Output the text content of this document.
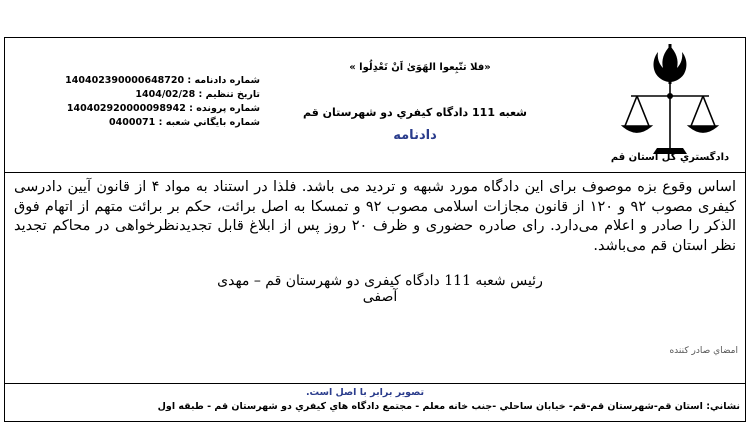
«فلا تتّبِعوا الهَوَیٰ اَنْ تَعْدِلُوا »
شعبه 111 دادگاه کیفري دو شهرستان قم
دادنامه
شماره دادنامه : 140402390000648720
تاريخ تنظيم : 1404/02/28
شماره پرونده : 140402920000098942
شماره بايگاني شعبه : 0400071
دادگستري كل استان قم
اساس وقوع بزه موصوف برای این دادگاه مورد شبهه و تردید می باشد. فلذا در استناد به مواد ۴ از قانون آیین دادرسی کیفری مصوب ۹۲ و ۱۲۰ از قانون مجازات اسلامی مصوب ۹۲ و تمسکا به اصل برائت، حکم بر برائت متهم از اتهام فوق الذکر را صادر و اعلام می‌دارد. رای صادره حضوری و ظرف ۲۰ روز پس از ابلاغ قابل تجدیدنظرخواهی در محاکم تجدید نظر استان قم می‌باشد.
رئیس شعبه 111 دادگاه کیفری دو شهرستان قم – مهدی آصفی
امضاي صادر كننده
تصوير برابر با اصل است.
نشاني: استان قم-شهرستان قم-قم- خيابان ساحلي -جنب خانه معلم - مجتمع دادگاه هاي كيفري دو شهرستان قم - طبقه اول
